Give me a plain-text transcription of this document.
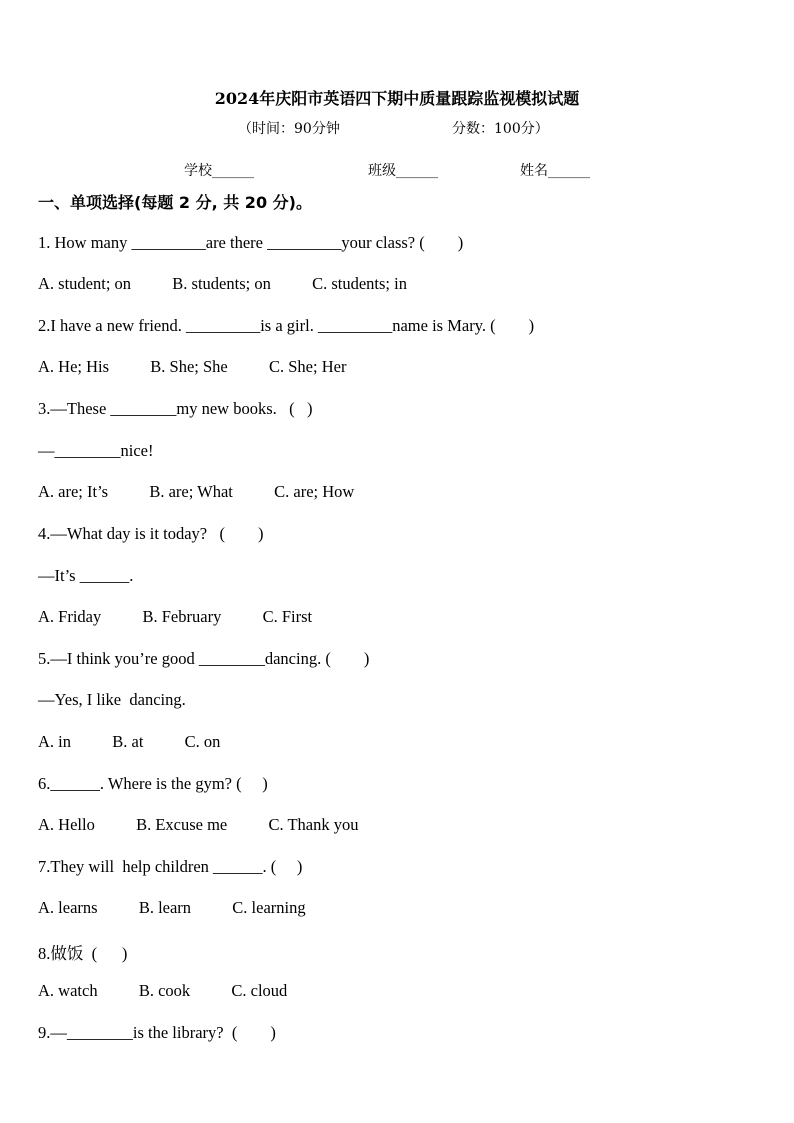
2024年庆阳市英语四下期中质量跟踪监视模拟试题
（时间：90分钟	分数：100分）
学校______	班级______	姓名______
一、单项选择(每题 2 分, 共 20 分)。
1. How many _________are there _________your class? (        )
A. student; on          B. students; on          C. students; in
2.I have a new friend. _________is a girl. _________name is Mary. (        )
A. He; His          B. She; She          C. She; Her
3.—These ________my new books.   (   )
—________nice!
A. are; It’s          B. are; What          C. are; How
4.—What day is it today?   (        )
—It’s ______.
A. Friday          B. February          C. First
5.—I think you’re good ________dancing. (        )
—Yes, I like  dancing.
A. in          B. at          C. on
6.______. Where is the gym? (     )
A. Hello          B. Excuse me          C. Thank you
7.They will  help children ______. (     )
A. learns          B. learn          C. learning
8.做饭  (      )
A. watch          B. cook          C. cloud
9.—________is the library?  (        )
